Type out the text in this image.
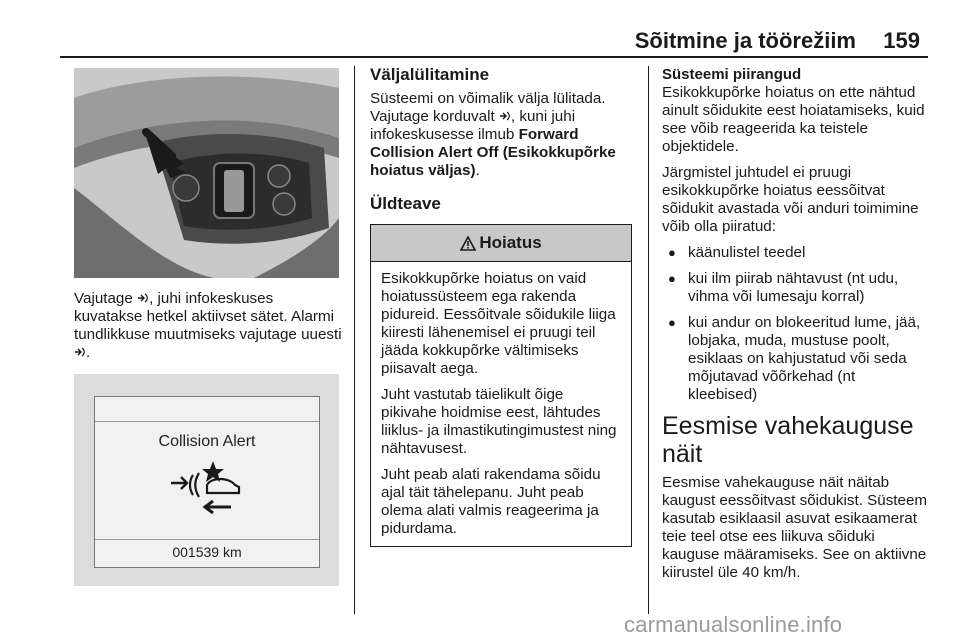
Sõitmine ja töörežiim 159

Vajutage , juhi infokeskuses kuvatakse hetkel aktiivset sätet. Alarmi tundlikkuse muutmiseks vajutage uuesti .

Collision Alert
001539 km
Väljalülitamine

Süsteemi on võimalik välja lülitada.

Vajutage korduvalt , kuni juhi infokeskusesse ilmub Forward Collision Alert Off (Esikokkupõrke hoiatus väljas).

Üldteave
Hoiatus

Esikokkupõrke hoiatus on vaid hoiatussüsteem ega rakenda pidureid. Eessõitvale sõidukile liiga kiiresti lähenemisel ei pruugi teil jääda kokkupõrke vältimiseks piisavalt aega.

Juht vastutab täielikult õige pikivahe hoidmise eest, lähtudes liiklus- ja ilmastikutingimustest ning nähtavusest.

Juht peab alati rakendama sõidu ajal täit tähelepanu. Juht peab olema alati valmis reageerima ja pidurdama.

Süsteemi piirangud

Esikokkupõrke hoiatus on ette nähtud ainult sõidukite eest hoiatamiseks, kuid see võib reageerida ka teistele objektidele.

Järgmistel juhtudel ei pruugi esikokkupõrke hoiatus eessõitvat sõidukit avastada või anduri toimimine võib olla piiratud:

● käänulistel teedel
● kui ilm piirab nähtavust (nt udu, vihma või lumesaju korral)
● kui andur on blokeeritud lume, jää, lobjaka, muda, mustuse poolt, esiklaas on kahjustatud või seda mõjutavad võõrkehad (nt kleebised)
Eesmise vahekauguse näit

Eesmise vahekauguse näit näitab kaugust eessõitvast sõidukist. Süsteem kasutab esiklaasil asuvat esikaamerat teie teel otse ees liikuva sõiduki kauguse määramiseks. See on aktiivne kiirustel üle 40 km/h.

carmanualsonline.info
